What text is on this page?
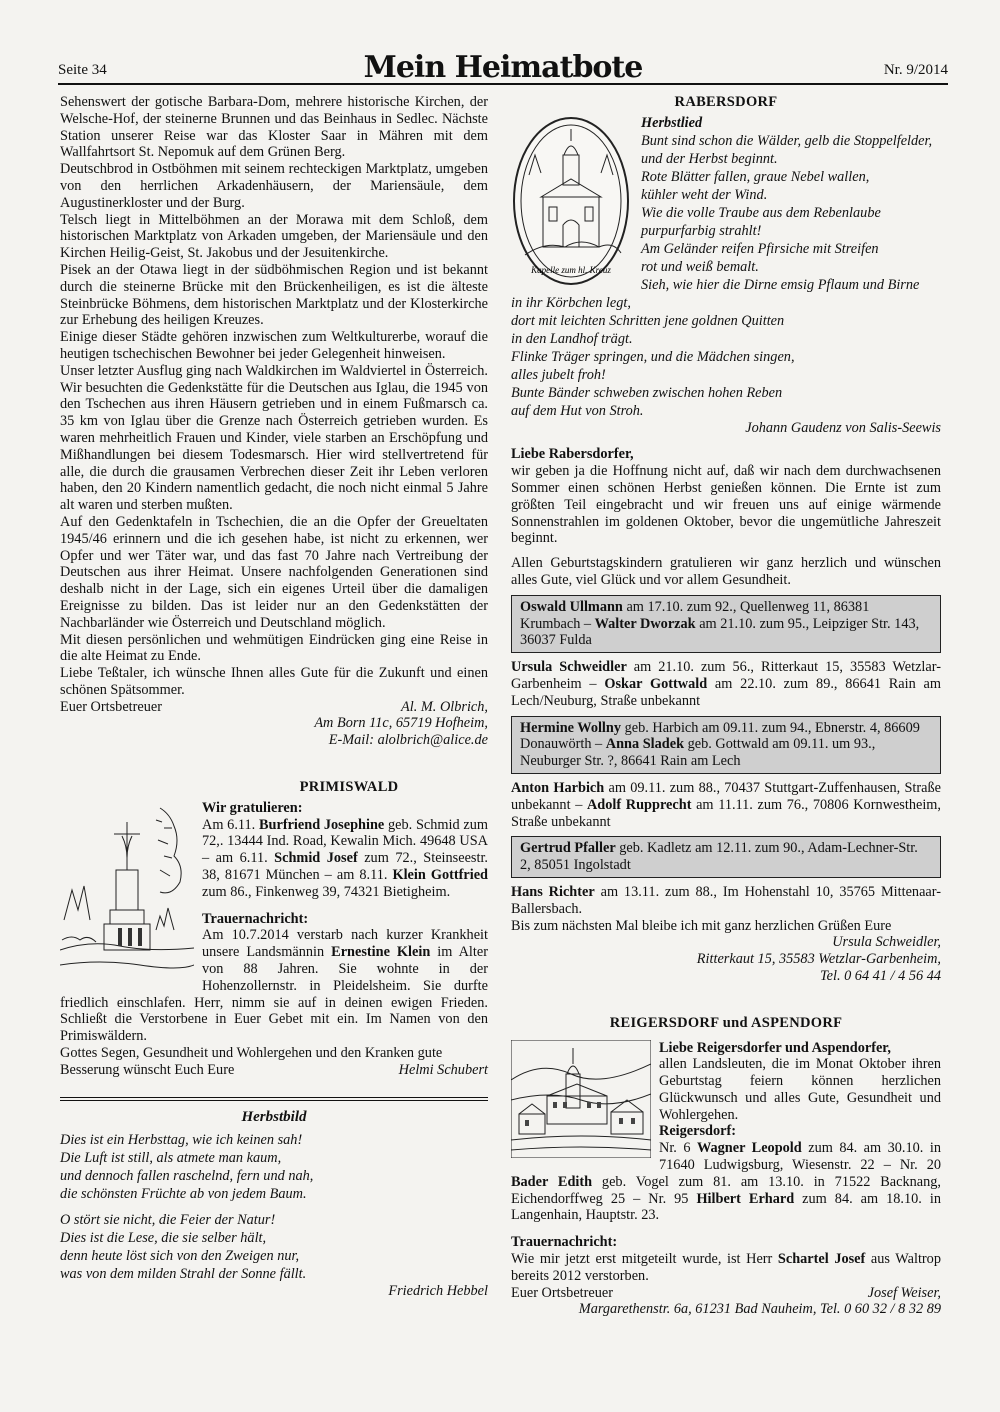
Seite 34	Mein Heimatbote	Nr. 9/2014

Sehenswert der gotische Barbara-Dom, mehrere historische Kirchen, der Welsche-Hof, der steinerne Brunnen und das Beinhaus in Sedlec. Nächste Station unserer Reise war das Kloster Saar in Mähren mit dem Wallfahrtsort St. Nepomuk auf dem Grünen Berg.

Deutschbrod in Ostböhmen mit seinem rechteckigen Marktplatz, umgeben von den herrlichen Arkadenhäusern, der Mariensäule, dem Augustinerkloster und der Burg.

Telsch liegt in Mittelböhmen an der Morawa mit dem Schloß, dem historischen Marktplatz von Arkaden umgeben, der Mariensäule und den Kirchen Heilig-Geist, St. Jakobus und der Jesuitenkirche.

Pisek an der Otawa liegt in der südböhmischen Region und ist bekannt durch die steinerne Brücke mit den Brückenheiligen, es ist die älteste Steinbrücke Böhmens, dem historischen Marktplatz und der Klosterkirche zur Erhebung des heiligen Kreuzes.

Einige dieser Städte gehören inzwischen zum Weltkulturerbe, worauf die heutigen tschechischen Bewohner bei jeder Gelegenheit hinweisen.

Unser letzter Ausflug ging nach Waldkirchen im Waldviertel in Österreich. Wir besuchten die Gedenkstätte für die Deutschen aus Iglau, die 1945 von den Tschechen aus ihren Häusern getrieben und in einem Fußmarsch ca. 35 km von Iglau über die Grenze nach Österreich getrieben wurden. Es waren mehrheitlich Frauen und Kinder, viele starben an Erschöpfung und Mißhandlungen bei diesem Todesmarsch. Hier wird stellvertretend für alle, die durch die grausamen Verbrechen dieser Zeit ihr Leben verloren haben, den 20 Kindern namentlich gedacht, die noch nicht einmal 5 Jahre alt waren und sterben mußten.

Auf den Gedenktafeln in Tschechien, die an die Opfer der Greueltaten 1945/46 erinnern und die ich gesehen habe, ist nicht zu erkennen, wer Opfer und wer Täter war, und das fast 70 Jahre nach Vertreibung der Deutschen aus ihrer Heimat. Unsere nachfolgenden Generationen sind deshalb nicht in der Lage, sich ein eigenes Urteil über die damaligen Ereignisse zu bilden. Das ist leider nur an den Gedenkstätten der Nachbarländer wie Österreich und Deutschland möglich.

Mit diesen persönlichen und wehmütigen Eindrücken ging eine Reise in die alte Heimat zu Ende.

Liebe Teßtaler, ich wünsche Ihnen alles Gute für die Zukunft und einen schönen Spätsommer.

Euer Ortsbetreuer	Al. M. Olbrich,
Am Born 11c, 65719 Hofheim,
E-Mail: alolbrich@alice.de
PRIMISWALD
Wir gratulieren:

Am 6.11. Burfriend Josephine geb. Schmid zum 72,. 13444 Ind. Road, Kewalin Mich. 49648 USA – am 6.11. Schmid Josef zum 72., Steinseestr. 38, 81671 München – am 8.11. Klein Gottfried zum 86., Finkenweg 39, 74321 Bietigheim.

Trauernachricht:

Am 10.7.2014 verstarb nach kurzer Krankheit unsere Landsmännin Ernestine Klein im Alter von 88 Jahren. Sie wohnte in der Hohenzollernstr. in Pleidelsheim. Sie durfte friedlich einschlafen. Herr, nimm sie auf in deinen ewigen Frieden. Schließt die Verstorbene in Euer Gebet mit ein. Im Namen von den Primiswäldern.

Gottes Segen, Gesundheit und Wohlergehen und den Kranken gute Besserung wünscht Euch Eure	Helmi Schubert
Herbstbild
Dies ist ein Herbsttag, wie ich keinen sah!
Die Luft ist still, als atmete man kaum,
und dennoch fallen raschelnd, fern und nah,
die schönsten Früchte ab von jedem Baum.
O stört sie nicht, die Feier der Natur!
Dies ist die Lese, die sie selber hält,
denn heute löst sich von den Zweigen nur,
was von dem milden Strahl der Sonne fällt.
Friedrich Hebbel
RABERSDORF
Kapelle zum hl. Kreuz
Herbstlied
Bunt sind schon die Wälder, gelb die Stoppelfelder,
und der Herbst beginnt.
Rote Blätter fallen, graue Nebel wallen,
kühler weht der Wind.
Wie die volle Traube aus dem Rebenlaube
purpurfarbig strahlt!
Am Geländer reifen Pfirsiche mit Streifen
rot und weiß bemalt.
Sieh, wie hier die Dirne emsig Pflaum und Birne
in ihr Körbchen legt,
dort mit leichten Schritten jene goldnen Quitten
in den Landhof trägt.
Flinke Träger springen, und die Mädchen singen,
alles jubelt froh!
Bunte Bänder schweben zwischen hohen Reben
auf dem Hut von Stroh.
Johann Gaudenz von Salis-Seewis
Liebe Rabersdorfer,

wir geben ja die Hoffnung nicht auf, daß wir nach dem durchwachsenen Sommer einen schönen Herbst genießen können. Die Ernte ist zum größten Teil eingebracht und wir freuen uns auf einige wärmende Sonnenstrahlen im goldenen Oktober, bevor die ungemütliche Jahreszeit beginnt.

Allen Geburtstagskindern gratulieren wir ganz herzlich und wünschen alles Gute, viel Glück und vor allem Gesundheit.

Oswald Ullmann am 17.10. zum 92., Quellenweg 11, 86381 Krumbach – Walter Dworzak am 21.10. zum 95., Leipziger Str. 143, 36037 Fulda

Ursula Schweidler am 21.10. zum 56., Ritterkaut 15, 35583 Wetzlar-Garbenheim – Oskar Gottwald am 22.10. zum 89., 86641 Rain am Lech/Neuburg, Straße unbekannt

Hermine Wollny geb. Harbich am 09.11. zum 94., Ebnerstr. 4, 86609 Donauwörth – Anna Sladek geb. Gottwald am 09.11. um 93., Neuburger Str. ?, 86641 Rain am Lech

Anton Harbich am 09.11. zum 88., 70437 Stuttgart-Zuffenhausen, Straße unbekannt – Adolf Rupprecht am 11.11. zum 76., 70806 Kornwestheim, Straße unbekannt

Gertrud Pfaller geb. Kadletz am 12.11. zum 90., Adam-Lechner-Str. 2, 85051 Ingolstadt

Hans Richter am 13.11. zum 88., Im Hohenstahl 10, 35765 Mittenaar-Ballersbach.

Bis zum nächsten Mal bleibe ich mit ganz herzlichen Grüßen Eure

Ursula Schweidler,
Ritterkaut 15, 35583 Wetzlar-Garbenheim,
Tel. 0 64 41 / 4 56 44
REIGERSDORF und ASPENDORF
Liebe Reigersdorfer und Aspendorfer,

allen Landsleuten, die im Monat Oktober ihren Geburtstag feiern können herzlichen Glückwunsch und alles Gute, Gesundheit und Wohlergehen.

Reigersdorf:

Nr. 6 Wagner Leopold zum 84. am 30.10. in 71640 Ludwigsburg, Wiesenstr. 22 – Nr. 20 Bader Edith geb. Vogel zum 81. am 13.10. in 71522 Backnang, Eichendorffweg 25 – Nr. 95 Hilbert Erhard zum 84. am 18.10. in Langenhain, Hauptstr. 23.

Trauernachricht:

Wie mir jetzt erst mitgeteilt wurde, ist Herr Schartel Josef aus Waltrop bereits 2012 verstorben.

Euer Ortsbetreuer	Josef Weiser,
Margarethenstr. 6a, 61231 Bad Nauheim, Tel. 0 60 32 / 8 32 89
